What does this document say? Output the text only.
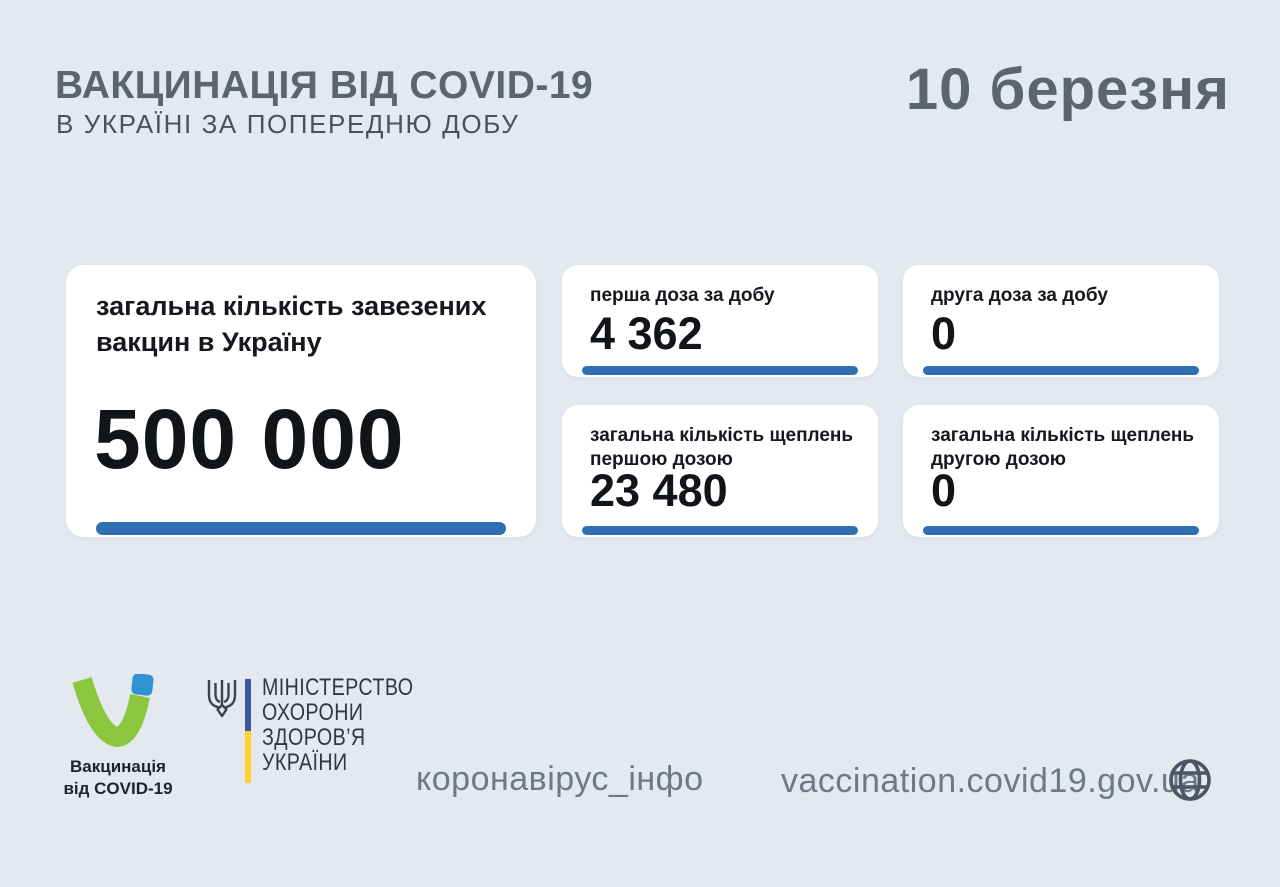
ВАКЦИНАЦІЯ ВІД COVID-19
В УКРАЇНІ ЗА ПОПЕРЕДНЮ ДОБУ
10 березня
загальна кількість завезених вакцин в Україну
500 000
перша доза за добу
4 362
друга доза за добу
0
загальна кількість щеплень першою дозою
23 480
загальна кількість щеплень другою дозою
0
Вакцинація
від COVID-19
МІНІСТЕРСТВО
ОХОРОНИ
ЗДОРОВ’Я
УКРАЇНИ	коронавірус_інфо vaccination.covid19.gov.ua
